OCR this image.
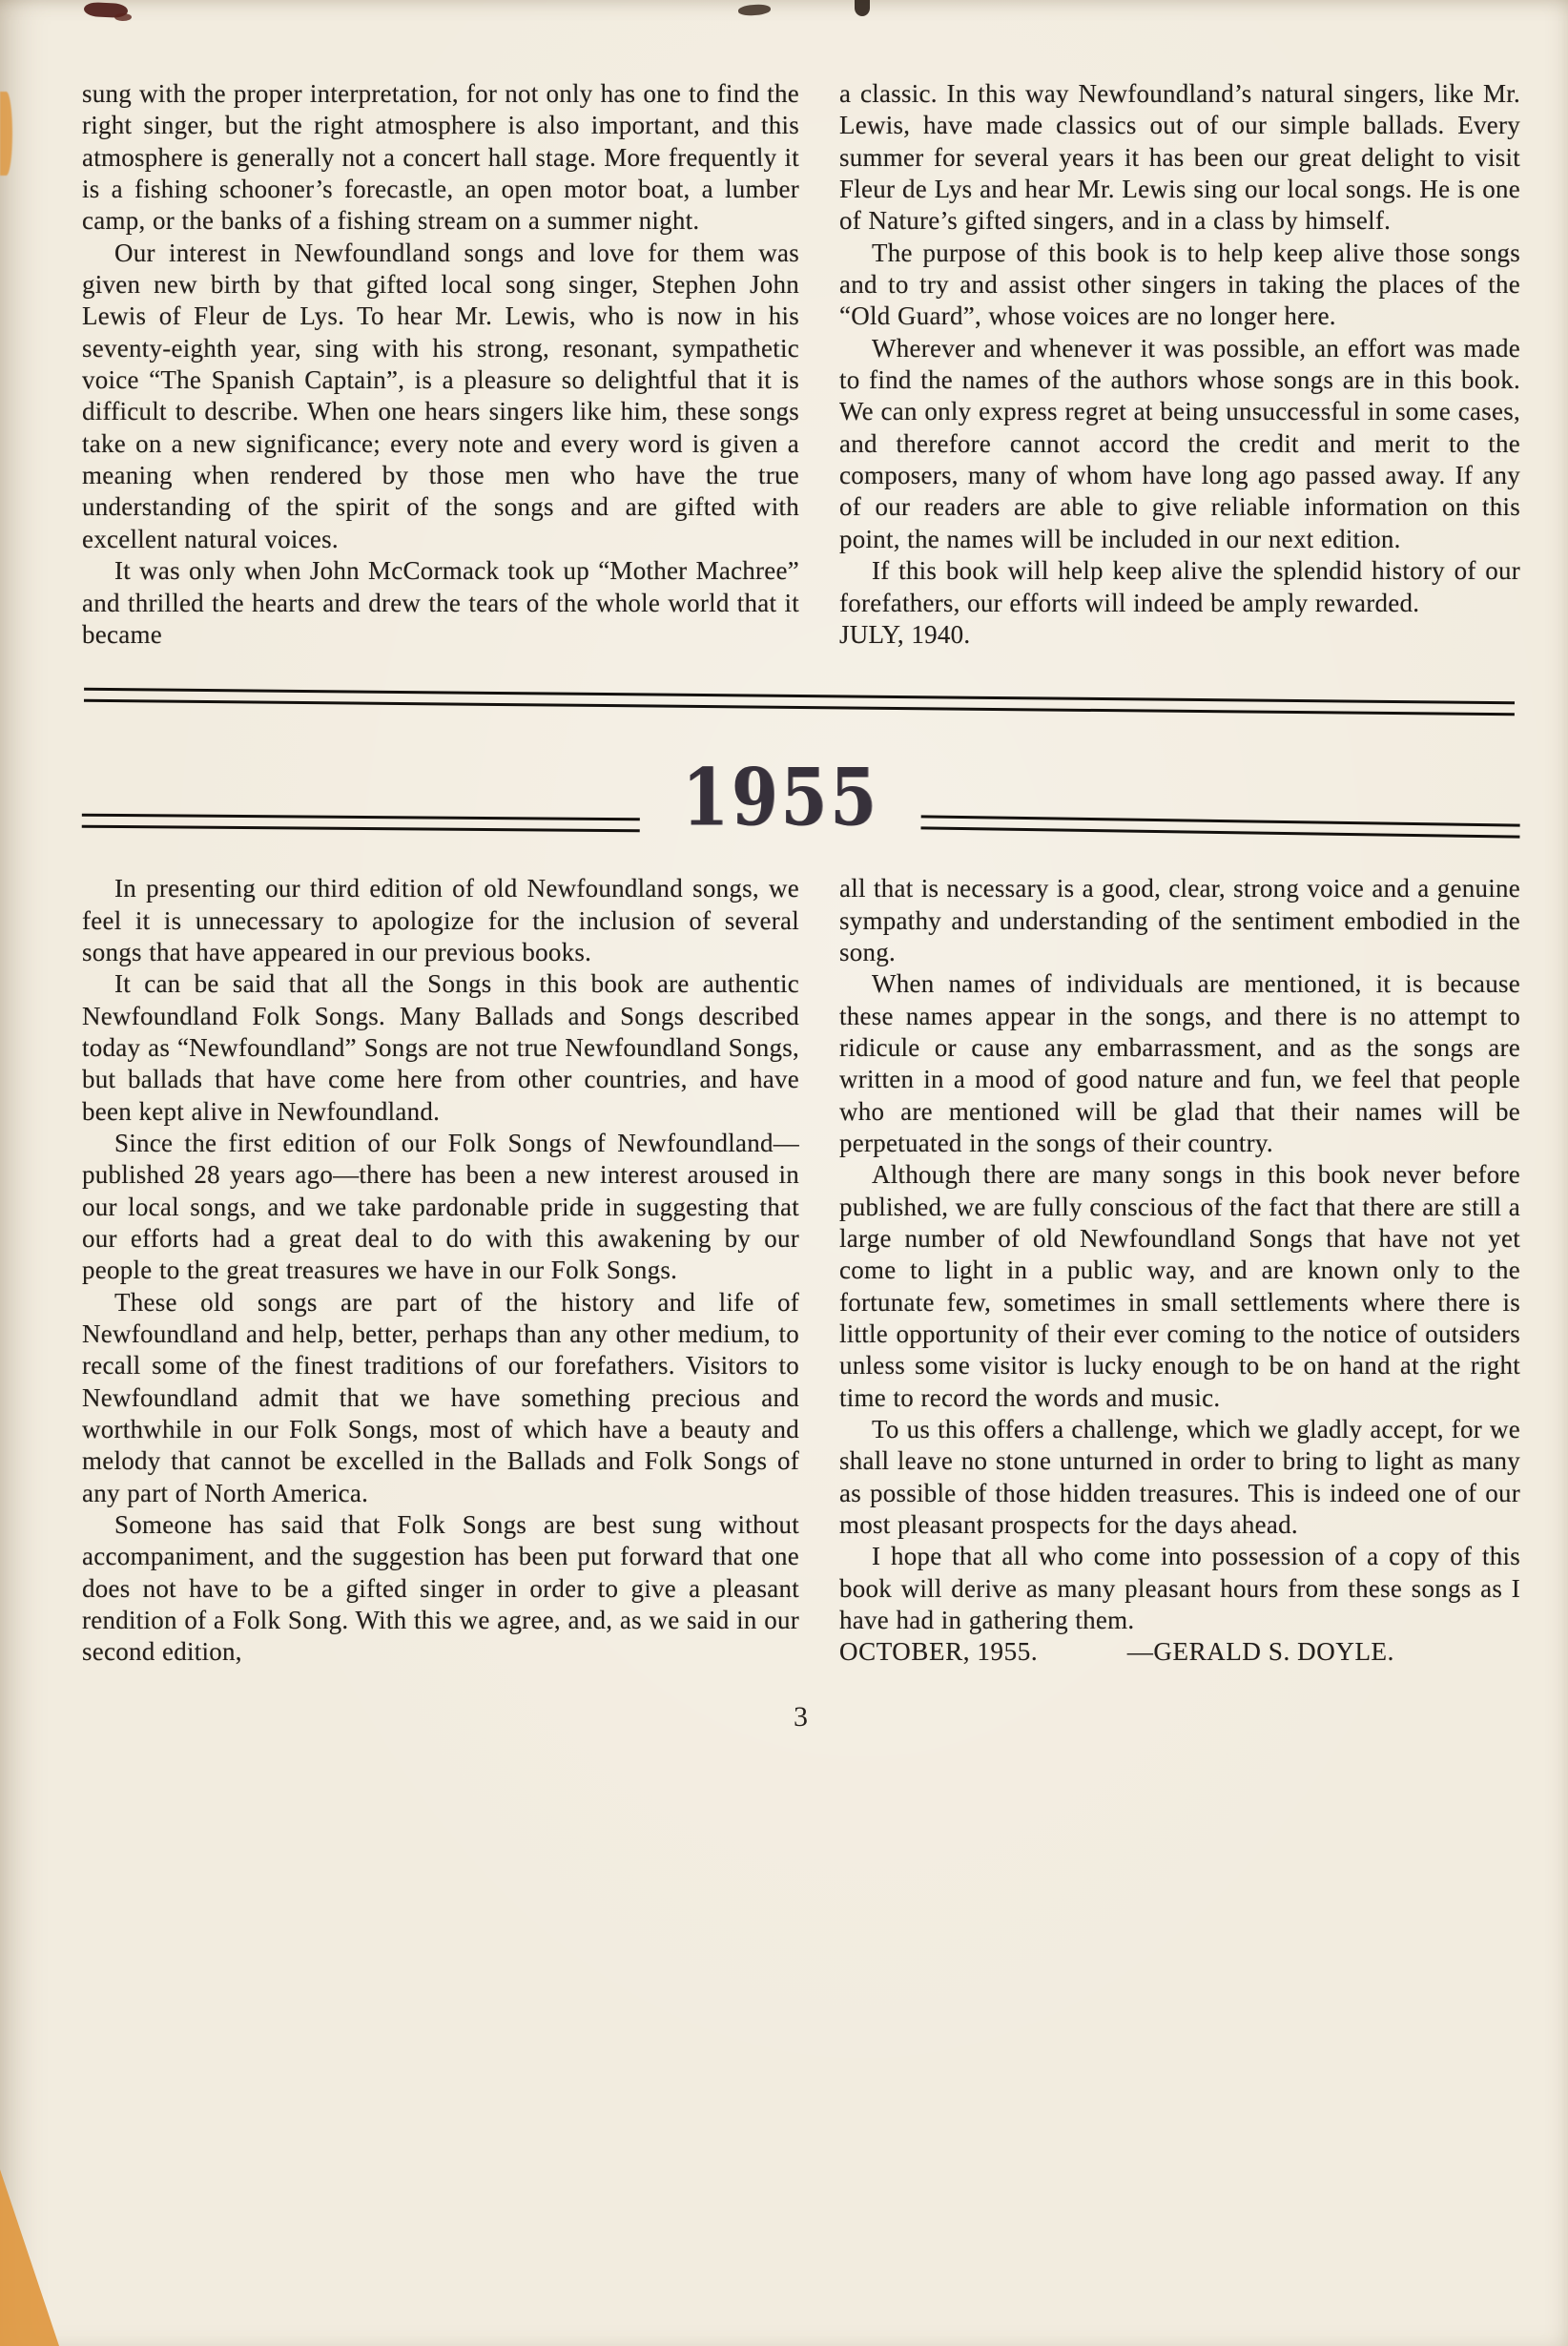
sung with the proper interpretation, for not only has one to find the right singer, but the right atmosphere is also important, and this atmosphere is generally not a concert hall stage. More frequently it is a fishing schooner’s forecastle, an open motor boat, a lumber camp, or the banks of a fishing stream on a summer night.

Our interest in Newfoundland songs and love for them was given new birth by that gifted local song singer, Stephen John Lewis of Fleur de Lys. To hear Mr. Lewis, who is now in his seventy-eighth year, sing with his strong, resonant, sympathetic voice “The Spanish Captain”, is a pleasure so delightful that it is difficult to describe. When one hears singers like him, these songs take on a new significance; every note and every word is given a meaning when rendered by those men who have the true understanding of the spirit of the songs and are gifted with excellent natural voices.

It was only when John McCormack took up “Mother Machree” and thrilled the hearts and drew the tears of the whole world that it became

a classic. In this way Newfoundland’s natural singers, like Mr. Lewis, have made classics out of our simple ballads. Every summer for several years it has been our great delight to visit Fleur de Lys and hear Mr. Lewis sing our local songs. He is one of Nature’s gifted singers, and in a class by himself.

The purpose of this book is to help keep alive those songs and to try and assist other singers in taking the places of the “Old Guard”, whose voices are no longer here.

Wherever and whenever it was possible, an effort was made to find the names of the authors whose songs are in this book. We can only express regret at being unsuccessful in some cases, and therefore cannot accord the credit and merit to the composers, many of whom have long ago passed away. If any of our readers are able to give reliable information on this point, the names will be included in our next edition.

If this book will help keep alive the splendid history of our forefathers, our efforts will indeed be amply rewarded.

JULY, 1940.

1955

In presenting our third edition of old Newfoundland songs, we feel it is unnecessary to apologize for the inclusion of several songs that have appeared in our previous books.

It can be said that all the Songs in this book are authentic Newfoundland Folk Songs. Many Ballads and Songs described today as “Newfoundland” Songs are not true Newfoundland Songs, but ballads that have come here from other countries, and have been kept alive in Newfoundland.

Since the first edition of our Folk Songs of Newfoundland—published 28 years ago—there has been a new interest aroused in our local songs, and we take pardonable pride in suggesting that our efforts had a great deal to do with this awakening by our people to the great treasures we have in our Folk Songs.

These old songs are part of the history and life of Newfoundland and help, better, perhaps than any other medium, to recall some of the finest traditions of our forefathers. Visitors to Newfoundland admit that we have something precious and worthwhile in our Folk Songs, most of which have a beauty and melody that cannot be excelled in the Ballads and Folk Songs of any part of North America.

Someone has said that Folk Songs are best sung without accompaniment, and the suggestion has been put forward that one does not have to be a gifted singer in order to give a pleasant rendition of a Folk Song. With this we agree, and, as we said in our second edition,

all that is necessary is a good, clear, strong voice and a genuine sympathy and understanding of the sentiment embodied in the song.

When names of individuals are mentioned, it is because these names appear in the songs, and there is no attempt to ridicule or cause any embarrassment, and as the songs are written in a mood of good nature and fun, we feel that people who are mentioned will be glad that their names will be perpetuated in the songs of their country.

Although there are many songs in this book never before published, we are fully conscious of the fact that there are still a large number of old Newfoundland Songs that have not yet come to light in a public way, and are known only to the fortunate few, sometimes in small settlements where there is little opportunity of their ever coming to the notice of outsiders unless some visitor is lucky enough to be on hand at the right time to record the words and music.

To us this offers a challenge, which we gladly accept, for we shall leave no stone unturned in order to bring to light as many as possible of those hidden treasures. This is indeed one of our most pleasant prospects for the days ahead.

I hope that all who come into possession of a copy of this book will derive as many pleasant hours from these songs as I have had in gathering them.

OCTOBER, 1955.	—GERALD S. DOYLE.
3
